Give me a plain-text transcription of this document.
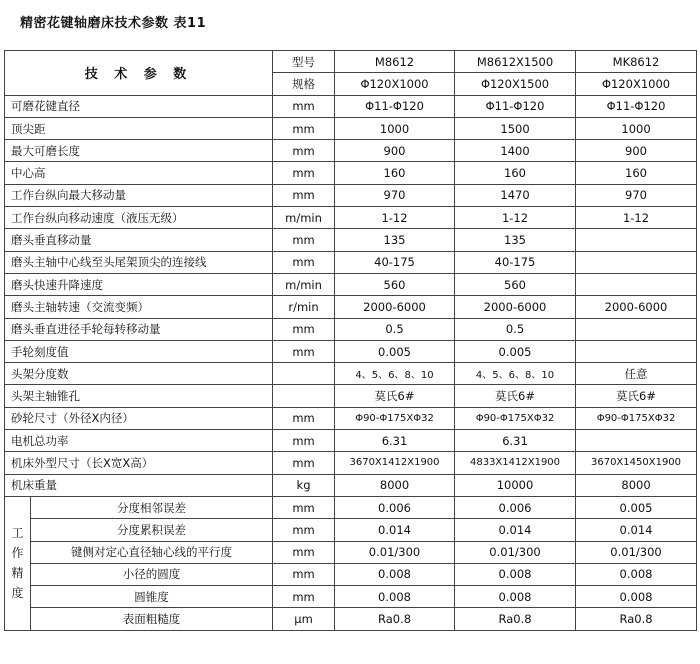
精密花键轴磨床技术参数 表11
技 术 参 数		型号	M8612	M8612X1500	MK8612
		规格	Φ120X1000	Φ120X1500	Φ120X1000
可磨花键直径		mm	Φ11-Φ120	Φ11-Φ120	Φ11-Φ120
顶尖距		mm	1000	1500	1000
最大可磨长度		mm	900	1400	900
中心高		mm	160	160	160
工作台纵向最大移动量		mm	970	1470	970
工作台纵向移动速度（液压无级）		m/min	1-12	1-12	1-12
磨头垂直移动量		mm	135	135	
磨头主轴中心线至头尾架顶尖的连接线		mm	40-175	40-175	
磨头快速升降速度		m/min	560	560	
磨头主轴转速（交流变频）		r/min	2000-6000	2000-6000	2000-6000
磨头垂直进径手轮每转移动量		mm	0.5	0.5	
手轮刻度值		mm	0.005	0.005	
头架分度数			4、5、6、8、10	4、5、6、8、10	任意
头架主轴锥孔			莫氏6#	莫氏6#	莫氏6#
砂轮尺寸（外径X内径）		mm	Φ90-Φ175XΦ32	Φ90-Φ175XΦ32	Φ90-Φ175XΦ32
电机总功率		mm	6.31	6.31	
机床外型尺寸（长X宽X高）		mm	3670X1412X1900	4833X1412X1900	3670X1450X1900
机床重量		kg	8000	10000	8000

工
作
精
度	分度相邻误差	mm	0.006	0.006	0.005
	分度累积误差	mm	0.014	0.014	0.014
	键侧对定心直径轴心线的平行度	mm	0.01/300	0.01/300	0.01/300
	小径的圆度	mm	0.008	0.008	0.008
	圆锥度	mm	0.008	0.008	0.008
	表面粗糙度	μm	Ra0.8	Ra0.8	Ra0.8
